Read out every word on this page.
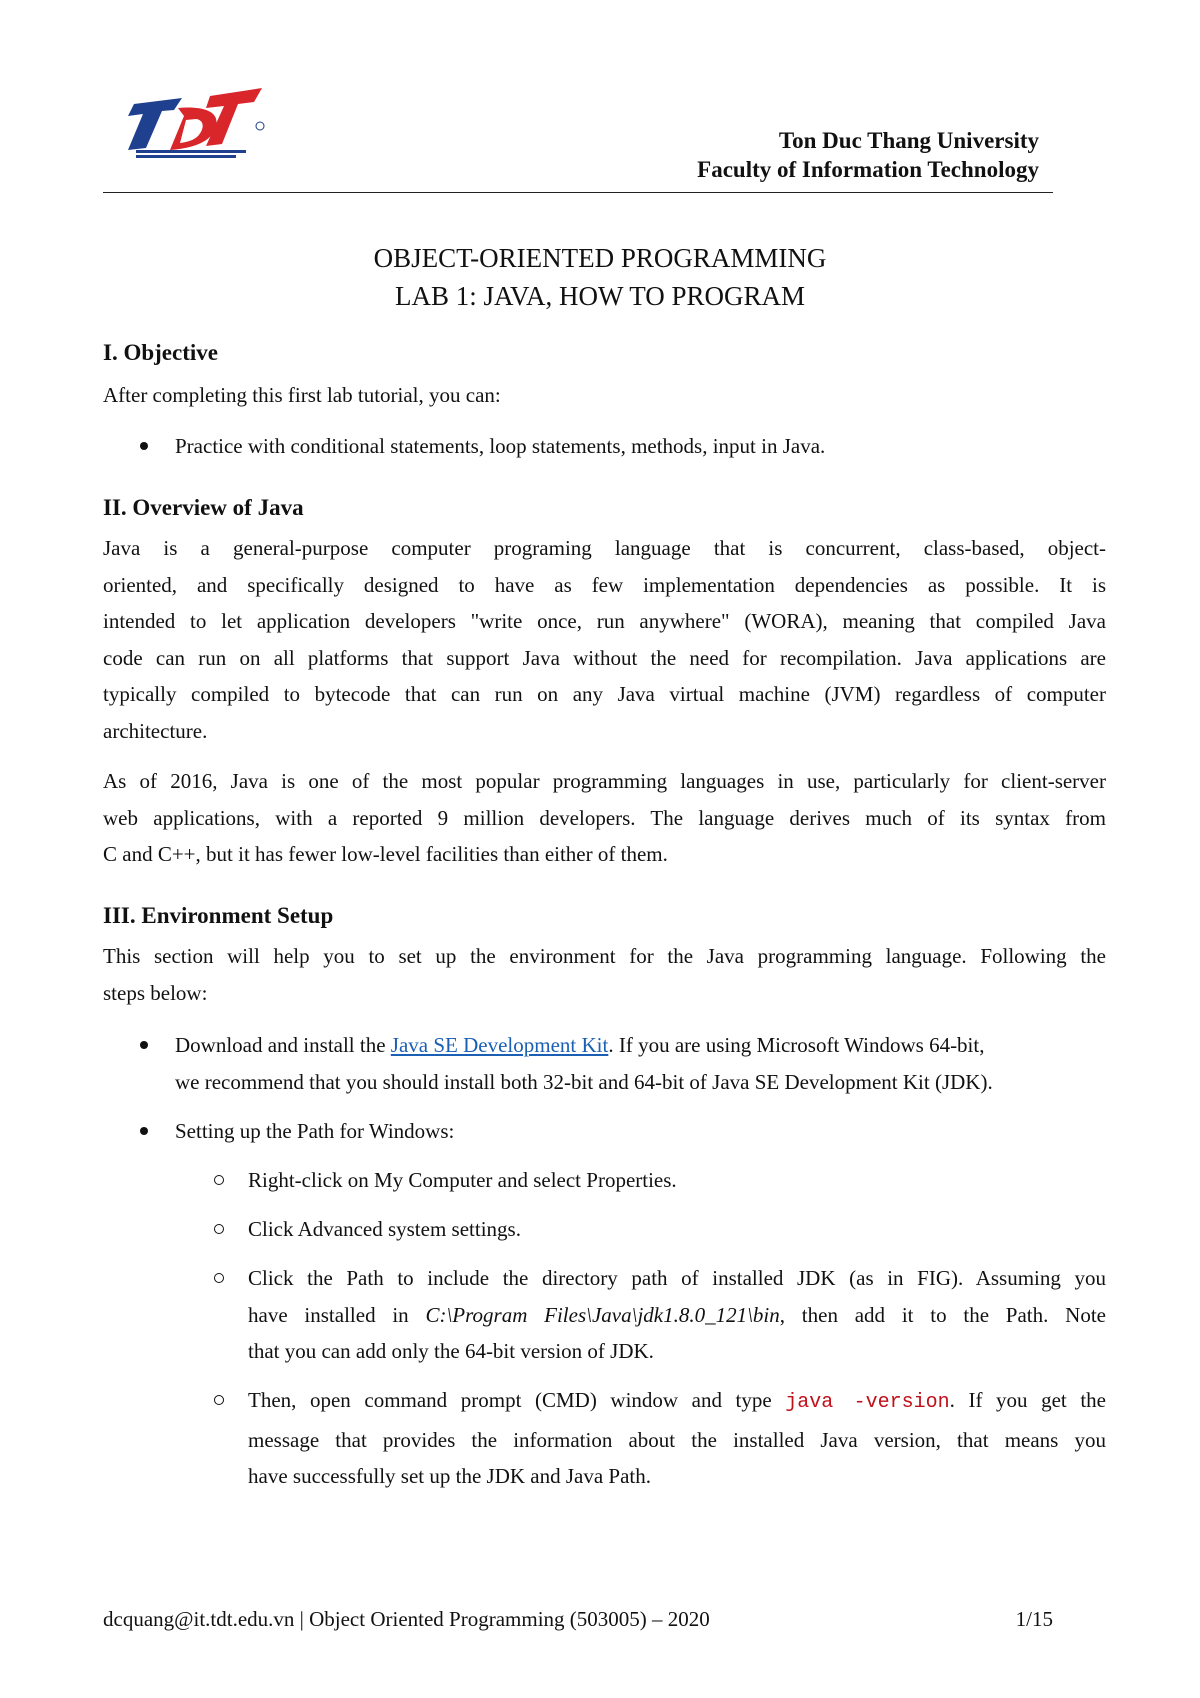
Ton Duc Thang University
Faculty of Information Technology
OBJECT-ORIENTED PROGRAMMING
LAB 1: JAVA, HOW TO PROGRAM
I. Objective
After completing this first lab tutorial, you can:
Practice with conditional statements, loop statements, methods, input in Java.
II. Overview of Java
Java is a general-purpose computer programing language that is concurrent, class-based, object-
oriented, and specifically designed to have as few implementation dependencies as possible. It is
intended to let application developers "write once, run anywhere" (WORA), meaning that compiled Java
code can run on all platforms that support Java without the need for recompilation. Java applications are
typically compiled to bytecode that can run on any Java virtual machine (JVM) regardless of computer
architecture.
As of 2016, Java is one of the most popular programming languages in use, particularly for client-server
web applications, with a reported 9 million developers. The language derives much of its syntax from
C and C++, but it has fewer low-level facilities than either of them.
III. Environment Setup
This section will help you to set up the environment for the Java programming language. Following the
steps below:
Download and install the Java SE Development Kit. If you are using Microsoft Windows 64-bit,
we recommend that you should install both 32-bit and 64-bit of Java SE Development Kit (JDK).
Setting up the Path for Windows:
Right-click on My Computer and select Properties.
Click Advanced system settings.
Click the Path to include the directory path of installed JDK (as in FIG). Assuming you
have installed in C:\Program Files\Java\jdk1.8.0_121\bin, then add it to the Path. Note
that you can add only the 64-bit version of JDK.
Then, open command prompt (CMD) window and type java -version. If you get the
message that provides the information about the installed Java version, that means you
have successfully set up the JDK and Java Path.
dcquang@it.tdt.edu.vn | Object Oriented Programming (503005) – 2020	1/15
